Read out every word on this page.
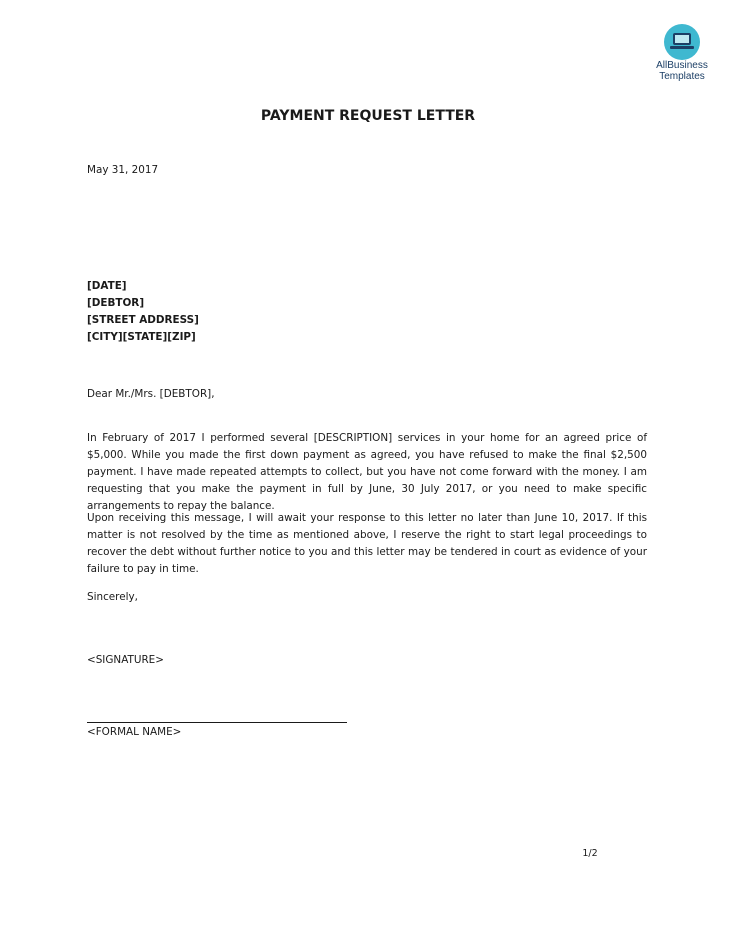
AllBusiness
Templates
PAYMENT REQUEST LETTER
May 31, 2017
[DATE]
[DEBTOR]
[STREET ADDRESS]
[CITY][STATE][ZIP]
Dear Mr./Mrs. [DEBTOR],
In February of 2017 I performed several [DESCRIPTION] services in your home for an agreed price of $5,000. While you made the first down payment as agreed, you have refused to make the final $2,500 payment. I have made repeated attempts to collect, but you have not come forward with the money. I am requesting that you make the payment in full by June, 30 July 2017, or you need to make specific arrangements to repay the balance.
Upon receiving this message, I will await your response to this letter no later than June 10, 2017. If this matter is not resolved by the time as mentioned above, I reserve the right to start legal proceedings to recover the debt without further notice to you and this letter may be tendered in court as evidence of your failure to pay in time.
Sincerely,
<SIGNATURE>
<FORMAL NAME>
1/2
